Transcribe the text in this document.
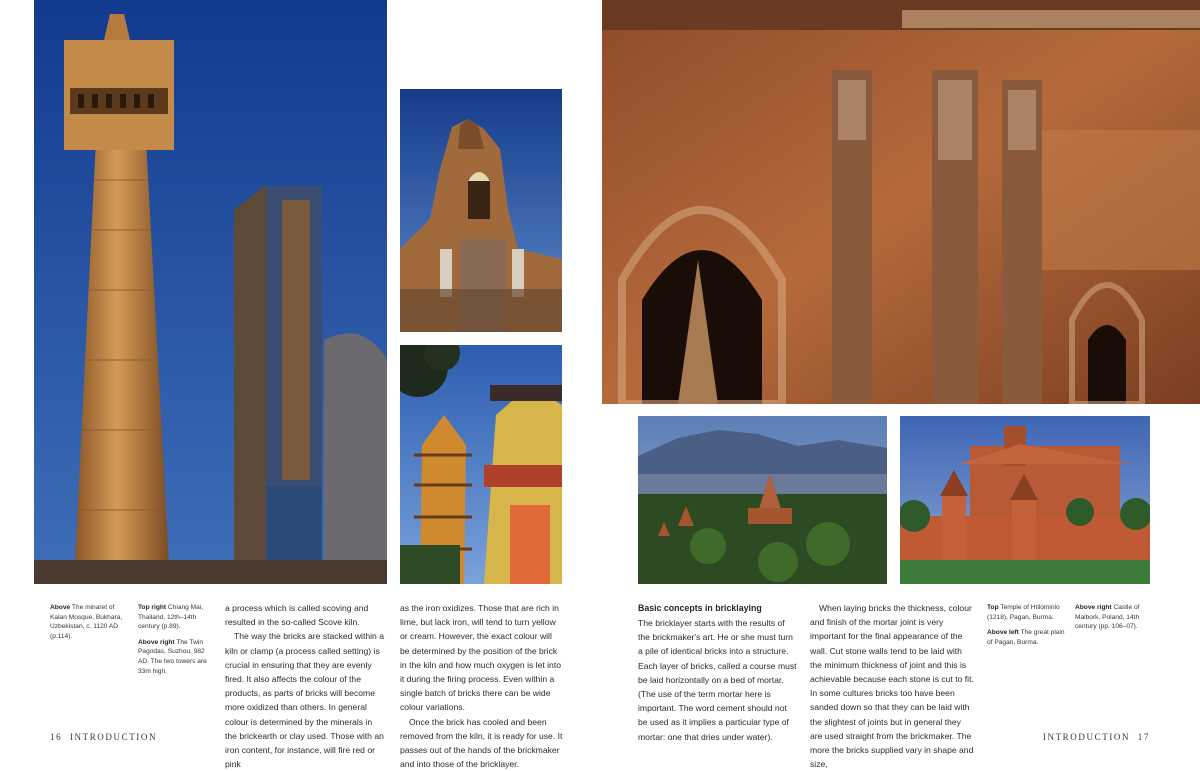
Above The minaret of Kalan Mosque, Bukhara, Uzbekistan, c. 1120 AD (p.114).

Top right Chiang Mai, Thailand, 12th–14th century (p.89).

Above right The Twin Pagodas, Suzhou, 982 AD. The two towers are 33m high.

a process which is called scoving and resulted in the so-called Scove kiln.

The way the bricks are stacked within a kiln or clamp (a process called setting) is crucial in ensuring that they are evenly fired. It also affects the colour of the products, as parts of bricks will become more oxidized than others. In general colour is determined by the minerals in the brickearth or clay used. Those with an iron content, for instance, will fire red or pink

as the iron oxidizes. Those that are rich in lime, but lack iron, will tend to turn yellow or cream. However, the exact colour will be determined by the position of the brick in the kiln and how much oxygen is let into it during the firing process. Even within a single batch of bricks there can be wide colour variations.

Once the brick has cooled and been removed from the kiln, it is ready for use. It passes out of the hands of the brickmaker and into those of the bricklayer.

Basic concepts in bricklaying

The bricklayer starts with the results of the brickmaker's art. He or she must turn a pile of identical bricks into a structure. Each layer of bricks, called a course must be laid horizontally on a bed of mortar. (The use of the term mortar here is important. The word cement should not be used as it implies a particular type of mortar: one that dries under water).

When laying bricks the thickness, colour and finish of the mortar joint is very important for the final appearance of the wall. Cut stone walls tend to be laid with the minimum thickness of joint and this is achievable because each stone is cut to fit. In some cultures bricks too have been sanded down so that they can be laid with the slightest of joints but in general they are used straight from the brickmaker. The more the bricks supplied vary in shape and size,

Top Temple of Htilominlo (1218), Pagan, Burma.

Above left The great plain of Pagan, Burma.

Above right Castle of Malbork, Poland, 14th century (pp. 106–07).
16 INTRODUCTION	INTRODUCTION 17
